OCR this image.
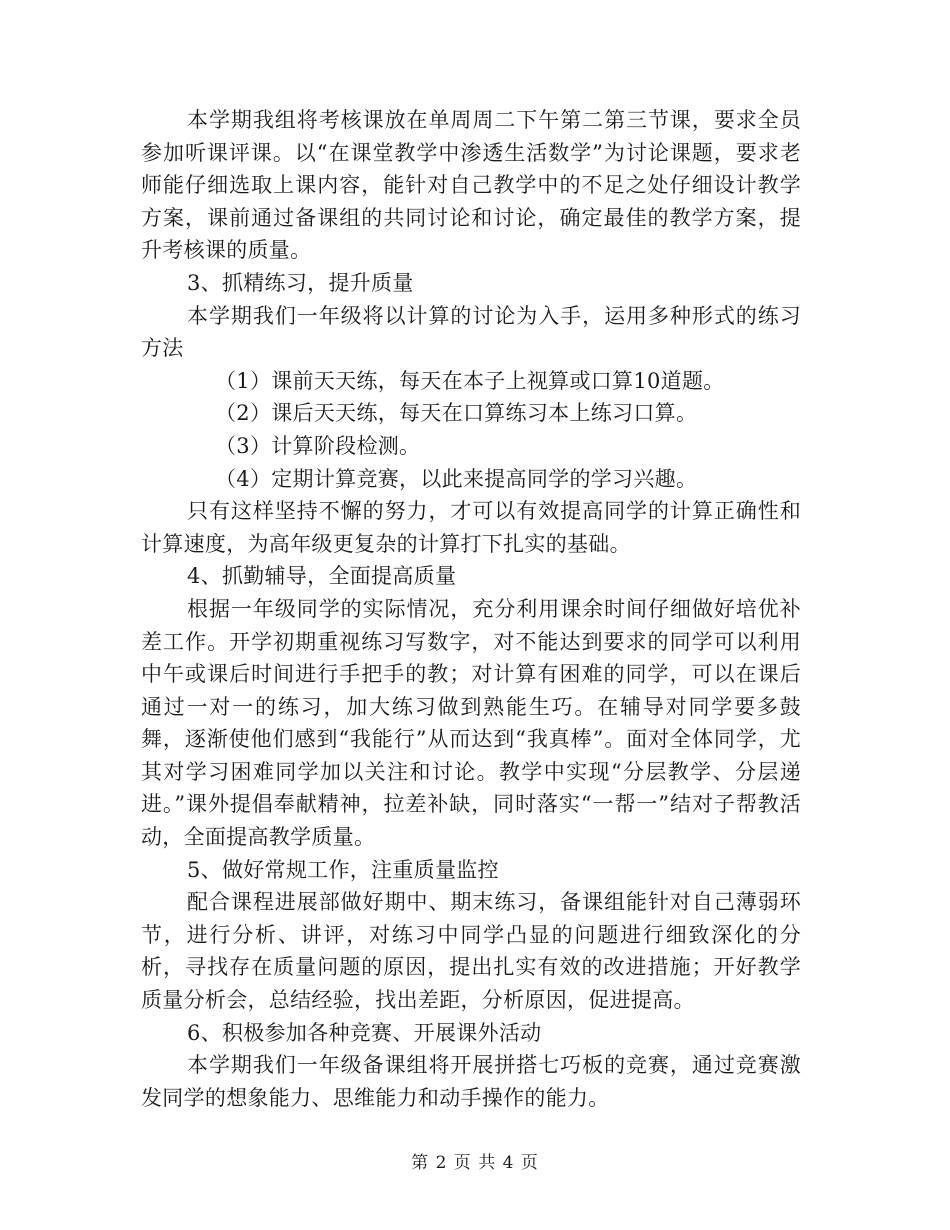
本学期我组将考核课放在单周周二下午第二第三节课，要求全员参加听课评课。以“在课堂教学中渗透生活数学”为讨论课题，要求老师能仔细选取上课内容，能针对自己教学中的不足之处仔细设计教学方案，课前通过备课组的共同讨论和讨论，确定最佳的教学方案，提升考核课的质量。

3、抓精练习，提升质量

本学期我们一年级将以计算的讨论为入手，运用多种形式的练习方法

（1）课前天天练，每天在本子上视算或口算10道题。

（2）课后天天练，每天在口算练习本上练习口算。

（3）计算阶段检测。

（4）定期计算竞赛，以此来提高同学的学习兴趣。

只有这样坚持不懈的努力，才可以有效提高同学的计算正确性和计算速度，为高年级更复杂的计算打下扎实的基础。

4、抓勤辅导，全面提高质量

根据一年级同学的实际情况，充分利用课余时间仔细做好培优补差工作。开学初期重视练习写数字，对不能达到要求的同学可以利用中午或课后时间进行手把手的教；对计算有困难的同学，可以在课后通过一对一的练习，加大练习做到熟能生巧。在辅导对同学要多鼓舞，逐渐使他们感到“我能行”从而达到“我真棒”。面对全体同学，尤其对学习困难同学加以关注和讨论。教学中实现“分层教学、分层递进。”课外提倡奉献精神，拉差补缺，同时落实“一帮一”结对子帮教活动，全面提高教学质量。

5、做好常规工作，注重质量监控

配合课程进展部做好期中、期末练习，备课组能针对自己薄弱环节，进行分析、讲评，对练习中同学凸显的问题进行细致深化的分析，寻找存在质量问题的原因，提出扎实有效的改进措施；开好教学质量分析会，总结经验，找出差距，分析原因，促进提高。

6、积极参加各种竞赛、开展课外活动

本学期我们一年级备课组将开展拼搭七巧板的竞赛，通过竞赛激发同学的想象能力、思维能力和动手操作的能力。

第 2 页 共 4 页
